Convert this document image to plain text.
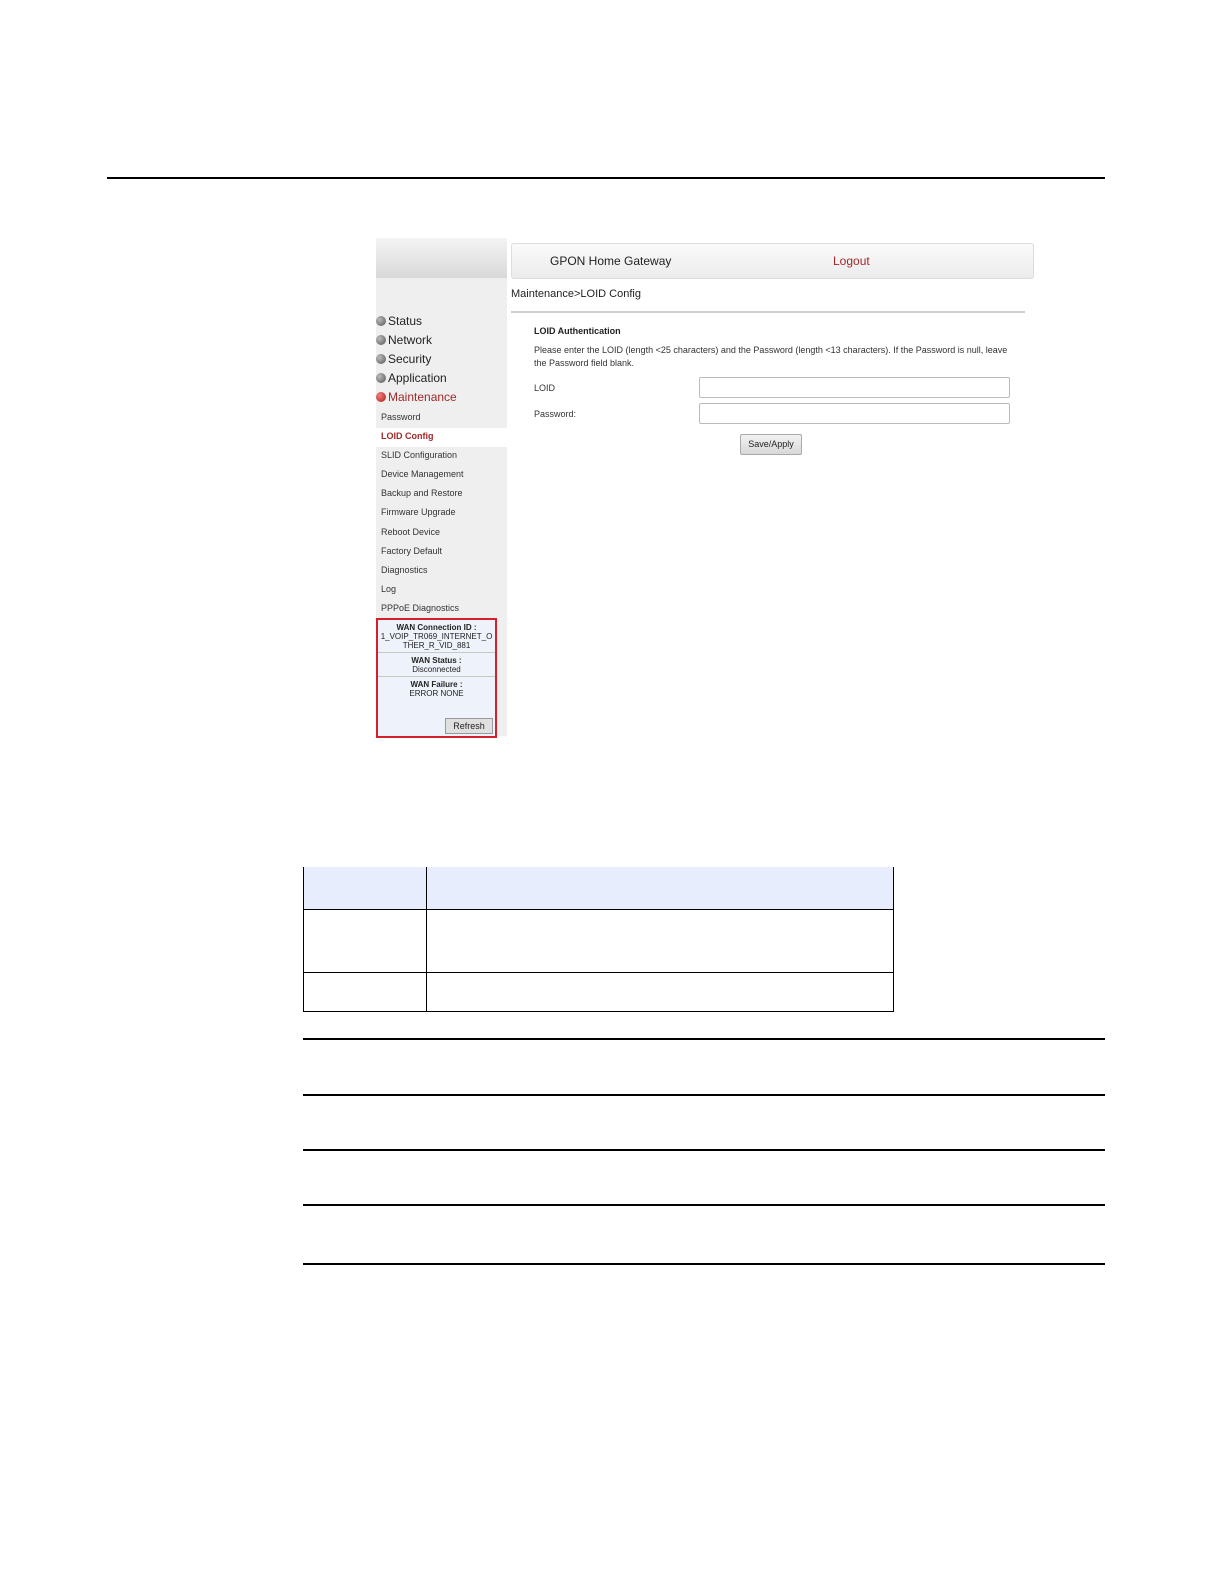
Status
Network
Security
Application
Maintenance
Password
LOID Config
SLID Configuration
Device Management
Backup and Restore
Firmware Upgrade
Reboot Device
Factory Default
Diagnostics
Log
PPPoE Diagnostics
WAN Connection ID :
1_VOIP_TR069_INTERNET_OTHER_R_VID_881
WAN Status :
Disconnected
WAN Failure :
ERROR NONE
Refresh
GPON Home Gateway	Logout
Maintenance>LOID Config
LOID Authentication
Please enter the LOID (length <25 characters) and the Password (length <13 characters). If the Password is null, leave the Password field blank.
LOID
Password:
Save/Apply
